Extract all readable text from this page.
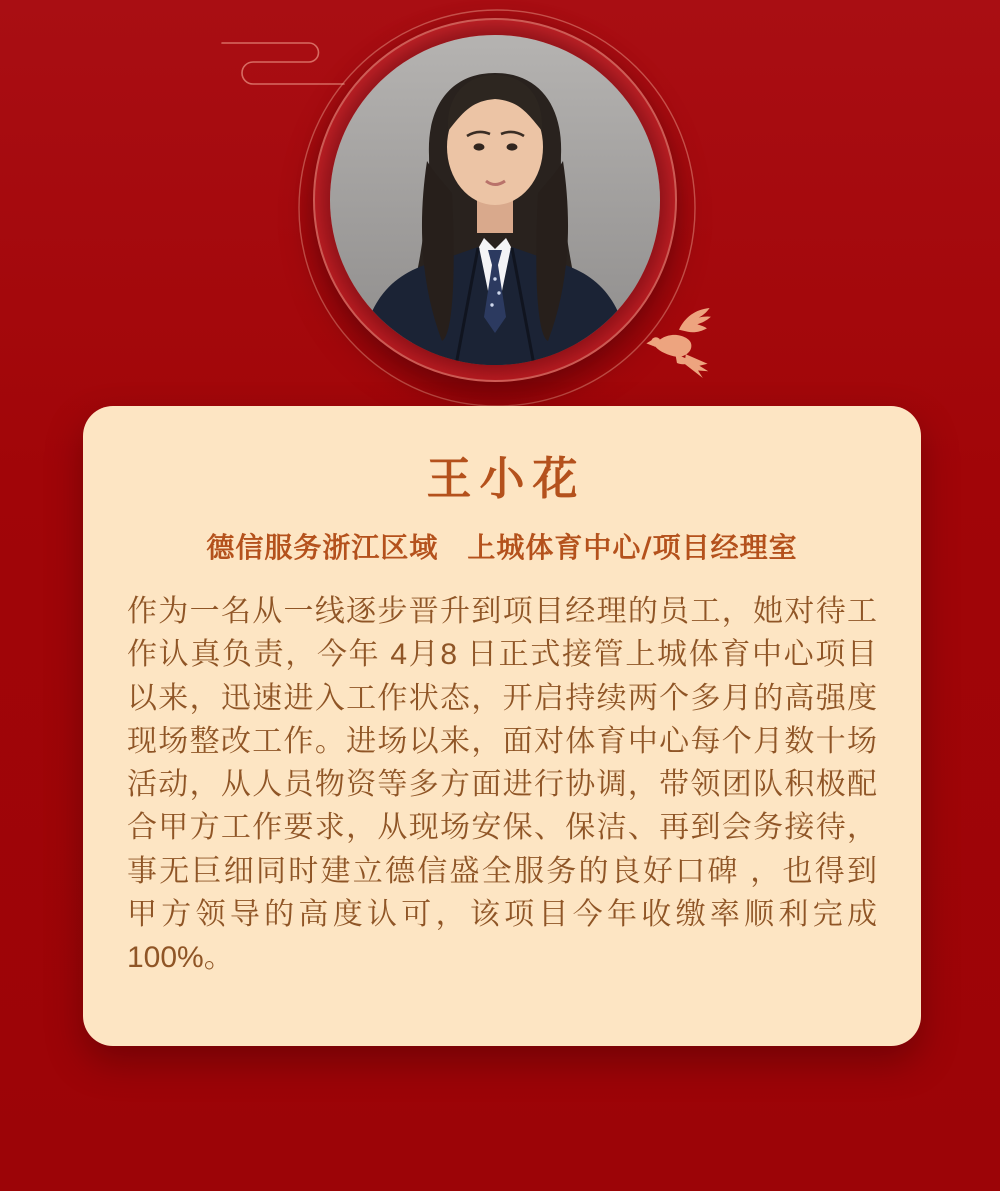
王小花
德信服务浙江区域　上城体育中心/项目经理室
作为一名从一线逐步晋升到项目经理的员工，她对待工
作认真负责，今年 4月8 日正式接管上城体育中心项目
以来，迅速进入工作状态，开启持续两个多月的高强度
现场整改工作。进场以来，面对体育中心每个月数十场
活动，从人员物资等多方面进行协调，带领团队积极配
合甲方工作要求，从现场安保、保洁、再到会务接待，
事无巨细同时建立德信盛全服务的良好口碑 ，也得到
甲方领导的高度认可，该项目今年收缴率顺利完成
100%。
